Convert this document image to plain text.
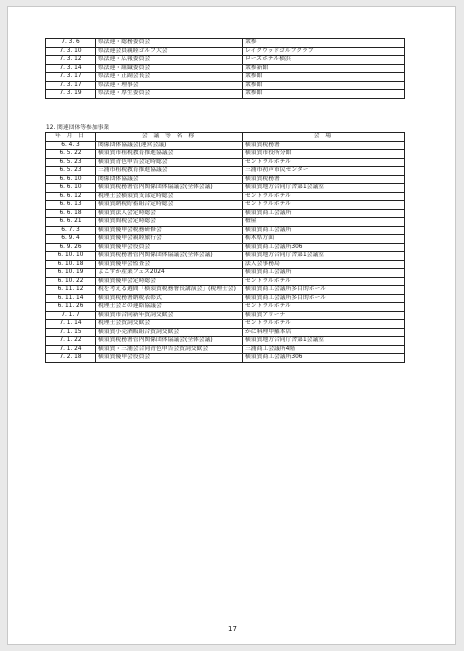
7. 3. 6	県法連・総務委員会	衆参
7. 3. 10	県法連会員親睦ゴルフ大会	レイクウッドゴルフクラブ
7. 3. 12	県法連・広報委員会	ローズホテル横浜
7. 3. 14	県法連・組織委員会	衆参新館
7. 3. 17	県法連・正副会長会	衆参館
7. 3. 17	県法連・理事会	衆参館
7. 3. 19	県法連・厚生委員会	衆参館
12. 関連団体等参加事業
年 月 日	会 議 等 名 称	会 場
6. 4. 3	関係団体協議会(運営会議)	横須賀税務署
6. 5. 22	横須賀市租税教育推進協議会	横須賀市役所分館
6. 5. 23	横須賀青色申告会定時総会	セントラルホテル
6. 5. 23	三浦市租税教育推進協議会	三浦市初声市民センター
6. 6. 10	関係団体協議会	横須賀税務署
6. 6. 10	横須賀税務署管内関係団体協議会(全体会議)	横須賀地方合同庁舎第1会議室
6. 6. 12	税理士会横須賀支部定時総会	セントラルホテル
6. 6. 13	横須賀納税貯蓄組合定時総会	セントラルホテル
6. 6. 18	横須賀法人会定時総会	横須賀商工会議所
6. 6. 21	横須賀間税会定時総会	檀屋
6. 7. 3	横須賀優申会税務研修会	横須賀商工会議所
6. 9. 4	横須賀優申会親睦旅行会	栃木県方面
6. 9. 26	横須賀優申会役員会	横須賀商工会議所306
6. 10. 10	横須賀税務署管内関係団体協議会(全体会議)	横須賀地方合同庁舎第1会議室
6. 10. 18	横須賀優申会監査会	法人会事務局
6. 10. 19	よこすか産業フェス2024	横須賀商工会議所
6. 10. 22	横須賀優申会定時総会	セントラルホテル
6. 11. 12	税を考える週間「横須賀税務署長講演会」(税理士会)	横須賀商工会議所多目的ホール
6. 11. 14	横須賀税務署納税表彰式	横須賀商工会議所多目的ホール
6. 11. 26	税理士会との連絡協議会	セントラルホテル
7. 1. 7	横須賀市合同新年賀詞交歓会	横須賀アリーナ
7. 1. 14	税理士会賀詞交歓会	セントラルホテル
7. 1. 15	横須賀小売酒販組合賀詞交歓会	かに料理甲羅本店
7. 1. 22	横須賀税務署管内関係団体協議会(全体会議)	横須賀地方合同庁舎第1会議室
7. 1. 24	横須賀・三浦会合同青色申告会賀詞交歓会	三浦商工会議所4階
7. 2. 18	横須賀優申会役員会	横須賀商工会議所306
17
